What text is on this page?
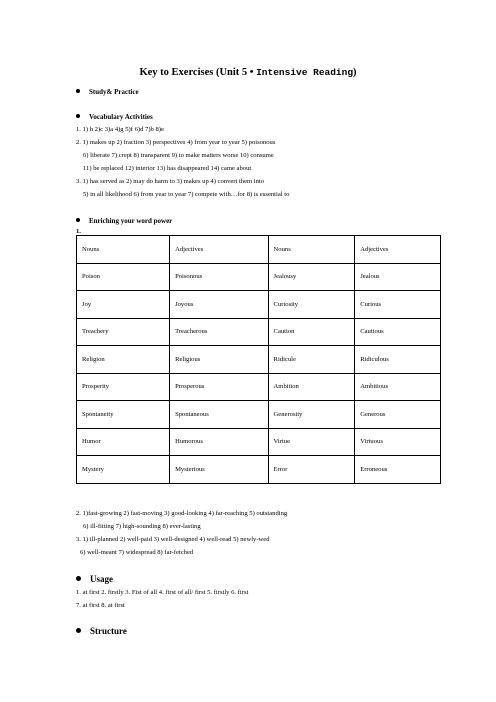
Key to Exercises (Unit 5 • Intensive Reading)
Study& Practice
Vocabulary Activities
1. 1) h 2)c 3)a 4)g 5)f 6)d 7)b 8)e
2. 1) makes up 2) fraction 3) perspectives 4) from year to year 5) poisonous
6) liberate 7) crept 8) transparent 9) to make matters worse 10) consume
11) be replaced 12) interior 13) has disappeared 14) came about
3. 1) has served as 2) may do harm to 3) makes up 4) convert them into
5) in all likelihood 6) from year to year 7) compete with…for 8) is essential to
Enriching your word power
1.
Nouns	Adjectives	Nouns	Adjectives
Poison	Poisonous	Jealousy	Jealous
Joy	Joyous	Curiosity	Curious
Treachery	Treacherous	Caution	Cautious
Religion	Religious	Ridicule	Ridiculous
Prosperity	Prosperous	Ambition	Ambitious
Spontaneity	Spontaneous	Generosity	Generous
Humor	Humorous	Virtue	Virtuous
Mystery	Mysterious	Error	Erroneous
2. 1)fast-growing 2) fast-moving 3) good-looking 4) far-reaching 5) outstanding
6) ill-fitting 7) high-sounding 8) ever-lasting
3. 1) ill-planned 2) well-paid 3) well-designed 4) well-read 5) newly-wed
6) well-meant 7) widespread 8) far-fetched
Usage
1. at first 2. firstly 3. Fist of all 4. first of all/ first 5. firstly 6. first
7. at first 8. at first
Structure
